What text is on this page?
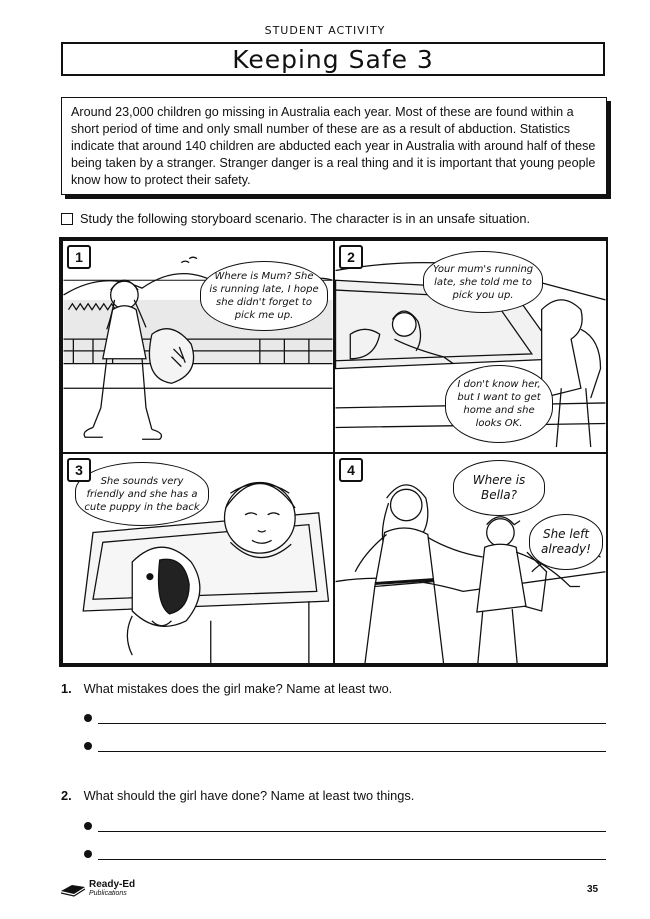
STUDENT ACTIVITY
Keeping Safe 3
Around 23,000 children go missing in Australia each year. Most of these are found within a short period of time and only small number of these are as a result of abduction. Statistics indicate that around 140 children are abducted each year in Australia with around half of these being taken by a stranger. Stranger danger is a real thing and it is important that young people know how to protect their safety.
Study the following storyboard scenario. The character is in an unsafe situation.
1
Where is Mum? She is running late, I hope she didn't forget to pick me up.
2
Your mum's running late, she told me to pick you up.
I don't know her, but I want to get home and she looks OK.
3
She sounds very friendly and she has a cute puppy in the back
4
Where is Bella?
She left already!
1. What mistakes does the girl make? Name at least two.
2. What should the girl have done? Name at least two things.
Ready-Ed
Publications	35
